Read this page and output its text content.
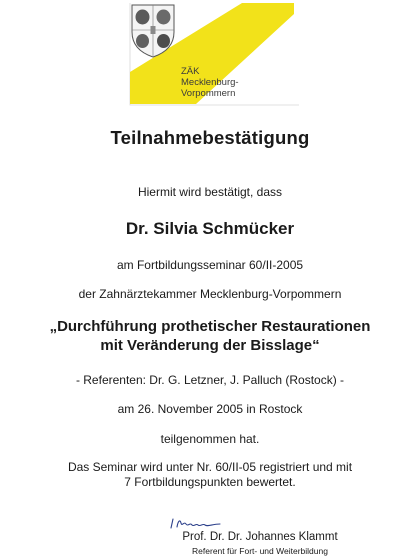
ZÄK
Mecklenburg-
Vorpommern
Teilnahmebestätigung
Hiermit wird bestätigt, dass
Dr. Silvia Schmücker
am Fortbildungsseminar 60/II-2005
der Zahnärztekammer Mecklenburg-Vorpommern
„Durchführung prothetischer Restaurationen
mit Veränderung der Bisslage“
- Referenten: Dr. G. Letzner, J. Palluch (Rostock) -
am 26. November 2005 in Rostock
teilgenommen hat.
Das Seminar wird unter Nr. 60/II-05 registriert und mit
7 Fortbildungspunkten bewertet.
Prof. Dr. Dr. Johannes Klammt
Referent für Fort- und Weiterbildung
